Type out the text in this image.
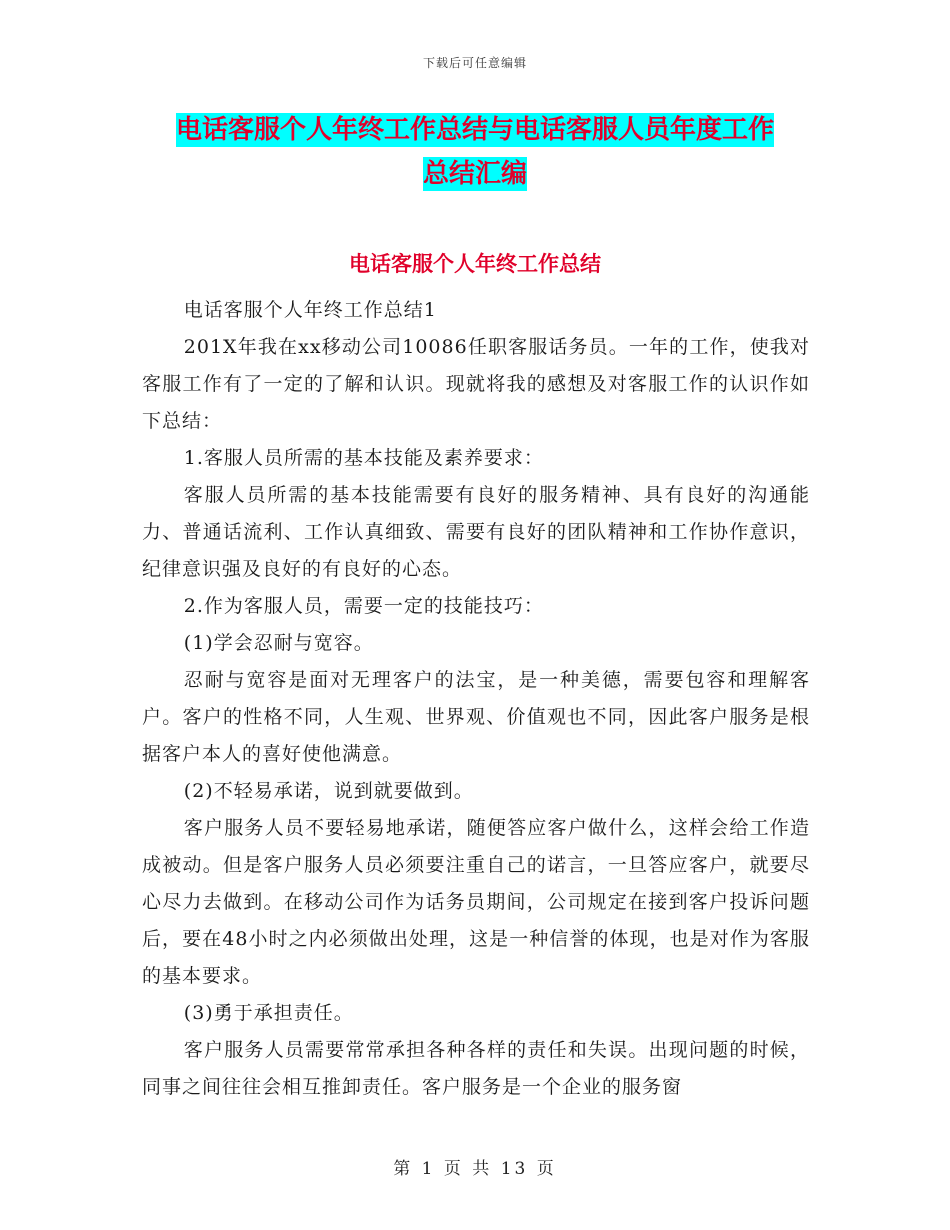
下载后可任意编辑
电话客服个人年终工作总结与电话客服人员年度工作
总结汇编
电话客服个人年终工作总结

电话客服个人年终工作总结1

201X年我在xx移动公司10086任职客服话务员。一年的工作，使我对客服工作有了一定的了解和认识。现就将我的感想及对客服工作的认识作如下总结：

1.客服人员所需的基本技能及素养要求：

客服人员所需的基本技能需要有良好的服务精神、具有良好的沟通能力、普通话流利、工作认真细致、需要有良好的团队精神和工作协作意识，纪律意识强及良好的有良好的心态。

2.作为客服人员，需要一定的技能技巧：

(1)学会忍耐与宽容。

忍耐与宽容是面对无理客户的法宝，是一种美德，需要包容和理解客户。客户的性格不同，人生观、世界观、价值观也不同，因此客户服务是根据客户本人的喜好使他满意。

(2)不轻易承诺，说到就要做到。

客户服务人员不要轻易地承诺，随便答应客户做什么，这样会给工作造成被动。但是客户服务人员必须要注重自己的诺言，一旦答应客户，就要尽心尽力去做到。在移动公司作为话务员期间，公司规定在接到客户投诉问题后，要在48小时之内必须做出处理，这是一种信誉的体现，也是对作为客服的基本要求。

(3)勇于承担责任。

客户服务人员需要常常承担各种各样的责任和失误。出现问题的时候，同事之间往往会相互推卸责任。客户服务是一个企业的服务窗

第 1 页 共 13 页
